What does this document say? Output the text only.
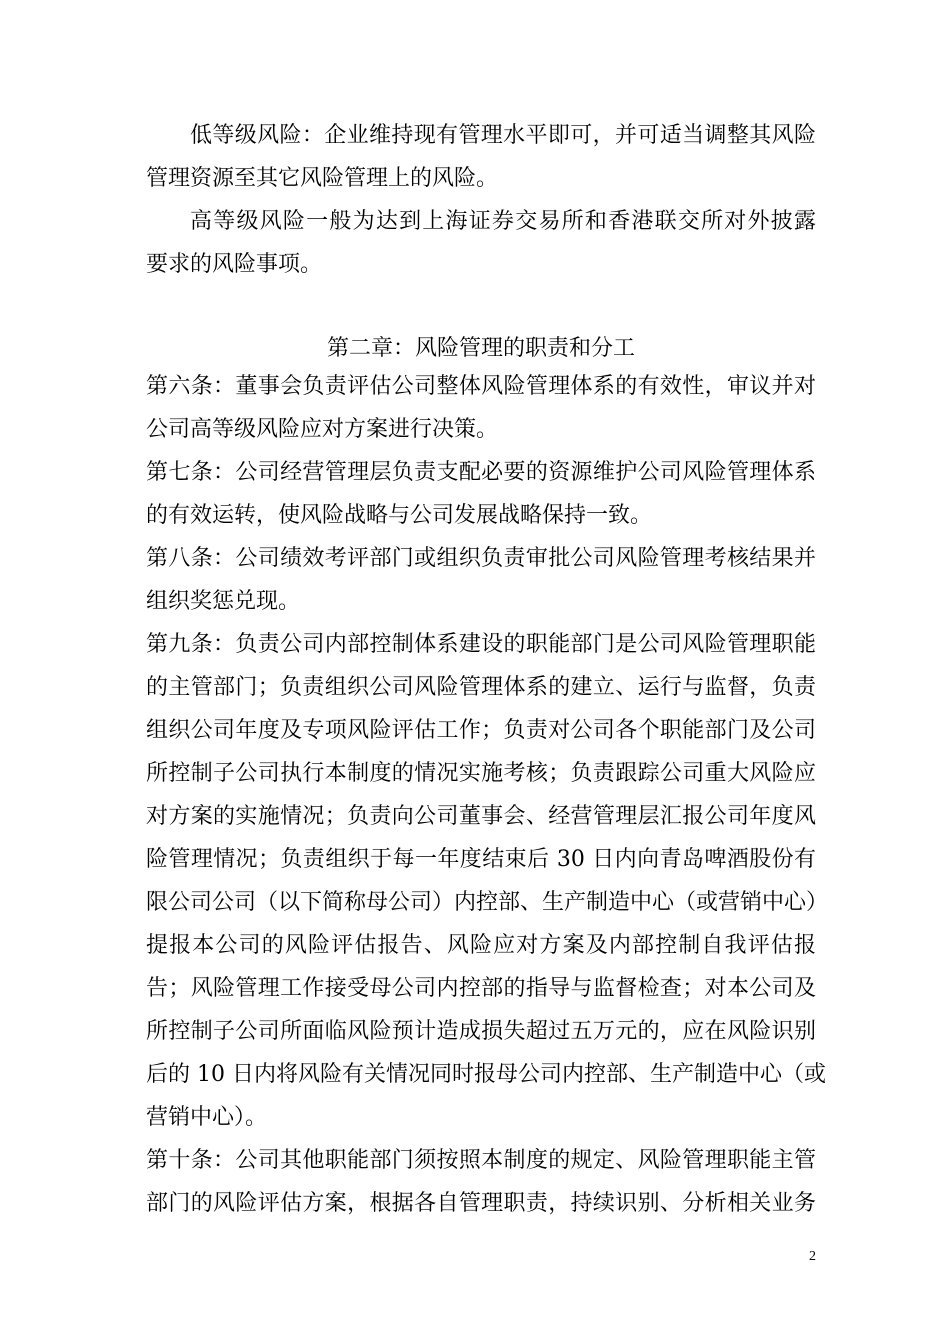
低等级风险：企业维持现有管理水平即可，并可适当调整其风险
管理资源至其它风险管理上的风险。
高等级风险一般为达到上海证券交易所和香港联交所对外披露
要求的风险事项。
第二章：风险管理的职责和分工
第六条：董事会负责评估公司整体风险管理体系的有效性，审议并对
公司高等级风险应对方案进行决策。
第七条：公司经营管理层负责支配必要的资源维护公司风险管理体系
的有效运转，使风险战略与公司发展战略保持一致。
第八条：公司绩效考评部门或组织负责审批公司风险管理考核结果并
组织奖惩兑现。
第九条：负责公司内部控制体系建设的职能部门是公司风险管理职能
的主管部门；负责组织公司风险管理体系的建立、运行与监督，负责
组织公司年度及专项风险评估工作；负责对公司各个职能部门及公司
所控制子公司执行本制度的情况实施考核；负责跟踪公司重大风险应
对方案的实施情况；负责向公司董事会、经营管理层汇报公司年度风
险管理情况；负责组织于每一年度结束后 30 日内向青岛啤酒股份有
限公司公司（以下简称母公司）内控部、生产制造中心（或营销中心）
提报本公司的风险评估报告、风险应对方案及内部控制自我评估报
告；风险管理工作接受母公司内控部的指导与监督检查；对本公司及
所控制子公司所面临风险预计造成损失超过五万元的，应在风险识别
后的 10 日内将风险有关情况同时报母公司内控部、生产制造中心（或
营销中心）。
第十条：公司其他职能部门须按照本制度的规定、风险管理职能主管
部门的风险评估方案，根据各自管理职责，持续识别、分析相关业务
2
